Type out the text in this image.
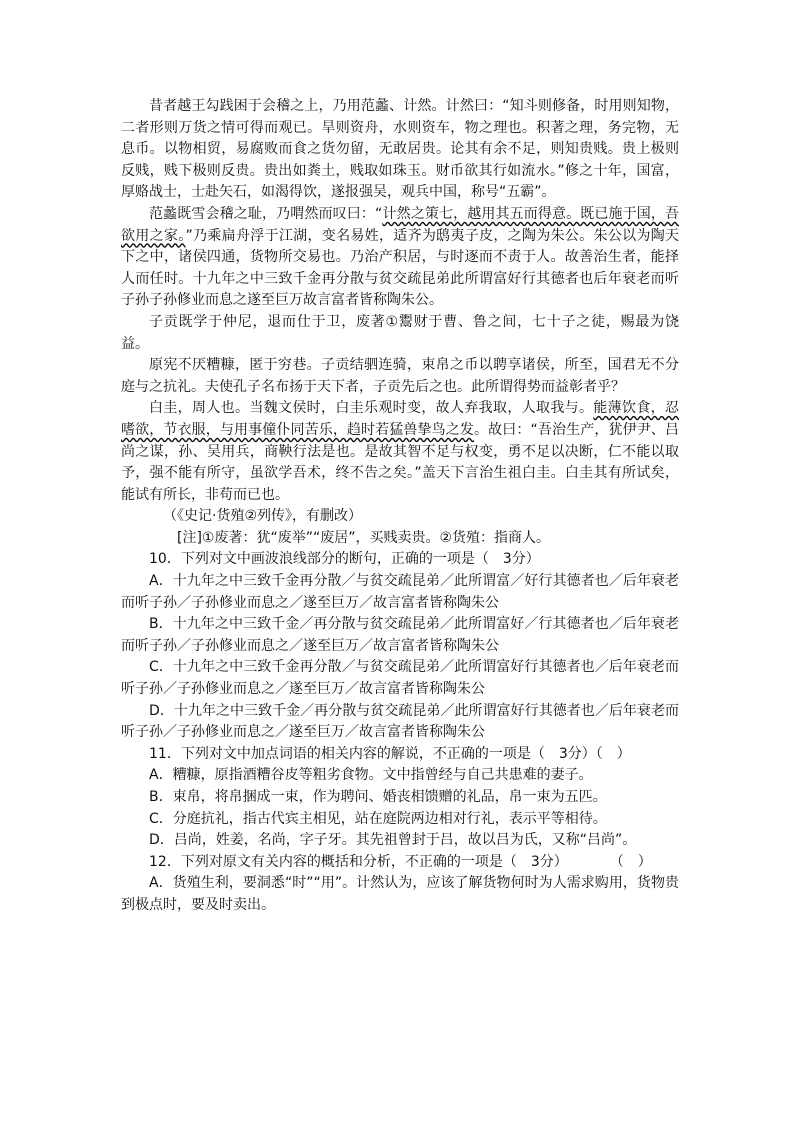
昔者越王勾践困于会稽之上，乃用范蠡、计然。计然曰：“知斗则修备，时用则知物，二者形则万货之情可得而观已。旱则资舟，水则资车，物之理也。积著之理，务完物，无息币。以物相贸，易腐败而食之货勿留，无敢居贵。论其有余不足，则知贵贱。贵上极则反贱，贱下极则反贵。贵出如粪土，贱取如珠玉。财币欲其行如流水。”修之十年，国富，厚赂战士，士赴矢石，如渴得饮，遂报强吴，观兵中国，称号“五霸”。

范蠡既雪会稽之耻，乃喟然而叹曰：“计然之策七，越用其五而得意。既已施于国，吾欲用之家。”乃乘扁舟浮于江湖，变名易姓，适齐为鸱夷子皮，之陶为朱公。朱公以为陶天下之中，诸侯四通，货物所交易也。乃治产积居，与时逐而不责于人。故善治生者，能择人而任时。十九年之中三致千金再分散与贫交疏昆弟此所谓富好行其德者也后年衰老而听子孙子孙修业而息之遂至巨万故言富者皆称陶朱公。

子贡既学于仲尼，退而仕于卫，废著①鬻财于曹、鲁之间，七十子之徒，赐最为饶益。

原宪不厌糟糠，匿于穷巷。子贡结驷连骑，束帛之币以聘享诸侯，所至，国君无不分庭与之抗礼。夫使孔子名布扬于天下者，子贡先后之也。此所谓得势而益彰者乎？

白圭，周人也。当魏文侯时，白圭乐观时变，故人弃我取，人取我与。能薄饮食，忍嗜欲，节衣服，与用事僮仆同苦乐，趋时若猛兽挚鸟之发。故曰：“吾治生产，犹伊尹、吕尚之谋，孙、吴用兵，商鞅行法是也。是故其智不足与权变，勇不足以决断，仁不能以取予，强不能有所守，虽欲学吾术，终不告之矣。”盖天下言治生祖白圭。白圭其有所试矣，能试有所长，非苟而已也。

（《史记·货殖②列传》，有删改）

[注]①废著：犹“废举”“废居”，买贱卖贵。②货殖：指商人。

10．下列对文中画波浪线部分的断句，正确的一项是（　3分）

A．十九年之中三致千金再分散／与贫交疏昆弟／此所谓富／好行其德者也／后年衰老而听子孙／子孙修业而息之／遂至巨万／故言富者皆称陶朱公

B．十九年之中三致千金／再分散与贫交疏昆弟／此所谓富好／行其德者也／后年衰老而听子孙／子孙修业而息之／遂至巨万／故言富者皆称陶朱公

C．十九年之中三致千金再分散／与贫交疏昆弟／此所谓富好行其德者也／后年衰老而听子孙／子孙修业而息之／遂至巨万／故言富者皆称陶朱公

D．十九年之中三致千金／再分散与贫交疏昆弟／此所谓富好行其德者也／后年衰老而听子孙／子孙修业而息之／遂至巨万／故言富者皆称陶朱公

11．下列对文中加点词语的相关内容的解说，不正确的一项是（　3分）（　）

A．糟糠，原指酒糟谷皮等粗劣食物。文中指曾经与自己共患难的妻子。

B．束帛，将帛捆成一束，作为聘问、婚丧相馈赠的礼品，帛一束为五匹。

C．分庭抗礼，指古代宾主相见，站在庭院两边相对行礼，表示平等相待。

D．吕尚，姓姜，名尚，字子牙。其先祖曾封于吕，故以吕为氏，又称“吕尚”。

12．下列对原文有关内容的概括和分析，不正确的一项是（　3分）　　　　（　）

A．货殖生利，要洞悉“时”“用”。计然认为，应该了解货物何时为人需求购用，货物贵到极点时，要及时卖出。
